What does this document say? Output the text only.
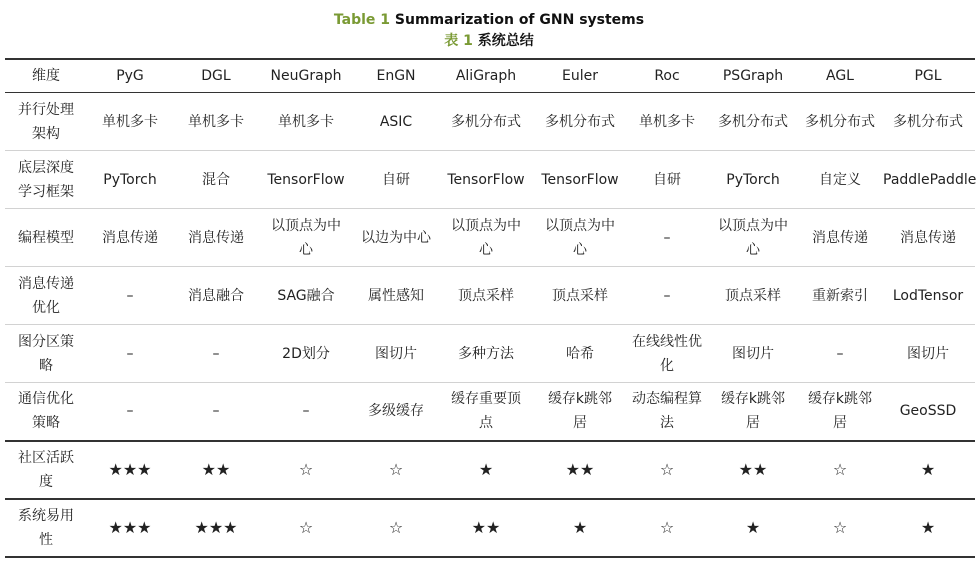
Table 1 Summarization of GNN systems
表 1 系统总结
维度	PyG	DGL	NeuGraph	EnGN	AliGraph	Euler	Roc	PSGraph	AGL	PGL
并行处理架构	单机多卡	单机多卡	单机多卡	ASIC	多机分布式	多机分布式	单机多卡	多机分布式	多机分布式	多机分布式
底层深度学习框架	PyTorch	混合	TensorFlow	自研	TensorFlow	TensorFlow	自研	PyTorch	自定义	PaddlePaddle
编程模型	消息传递	消息传递	以顶点为中心	以边为中心	以顶点为中心	以顶点为中心	–	以顶点为中心	消息传递	消息传递
消息传递优化	–	消息融合	SAG融合	属性感知	顶点采样	顶点采样	–	顶点采样	重新索引	LodTensor
图分区策略	–	–	2D划分	图切片	多种方法	哈希	在线线性优化	图切片	–	图切片
通信优化策略	–	–	–	多级缓存	缓存重要顶点	缓存k跳邻居	动态编程算法	缓存k跳邻居	缓存k跳邻居	GeoSSD
社区活跃度	★★★	★★	☆	☆	★	★★	☆	★★	☆	★
系统易用性	★★★	★★★	☆	☆	★★	★	☆	★	☆	★
